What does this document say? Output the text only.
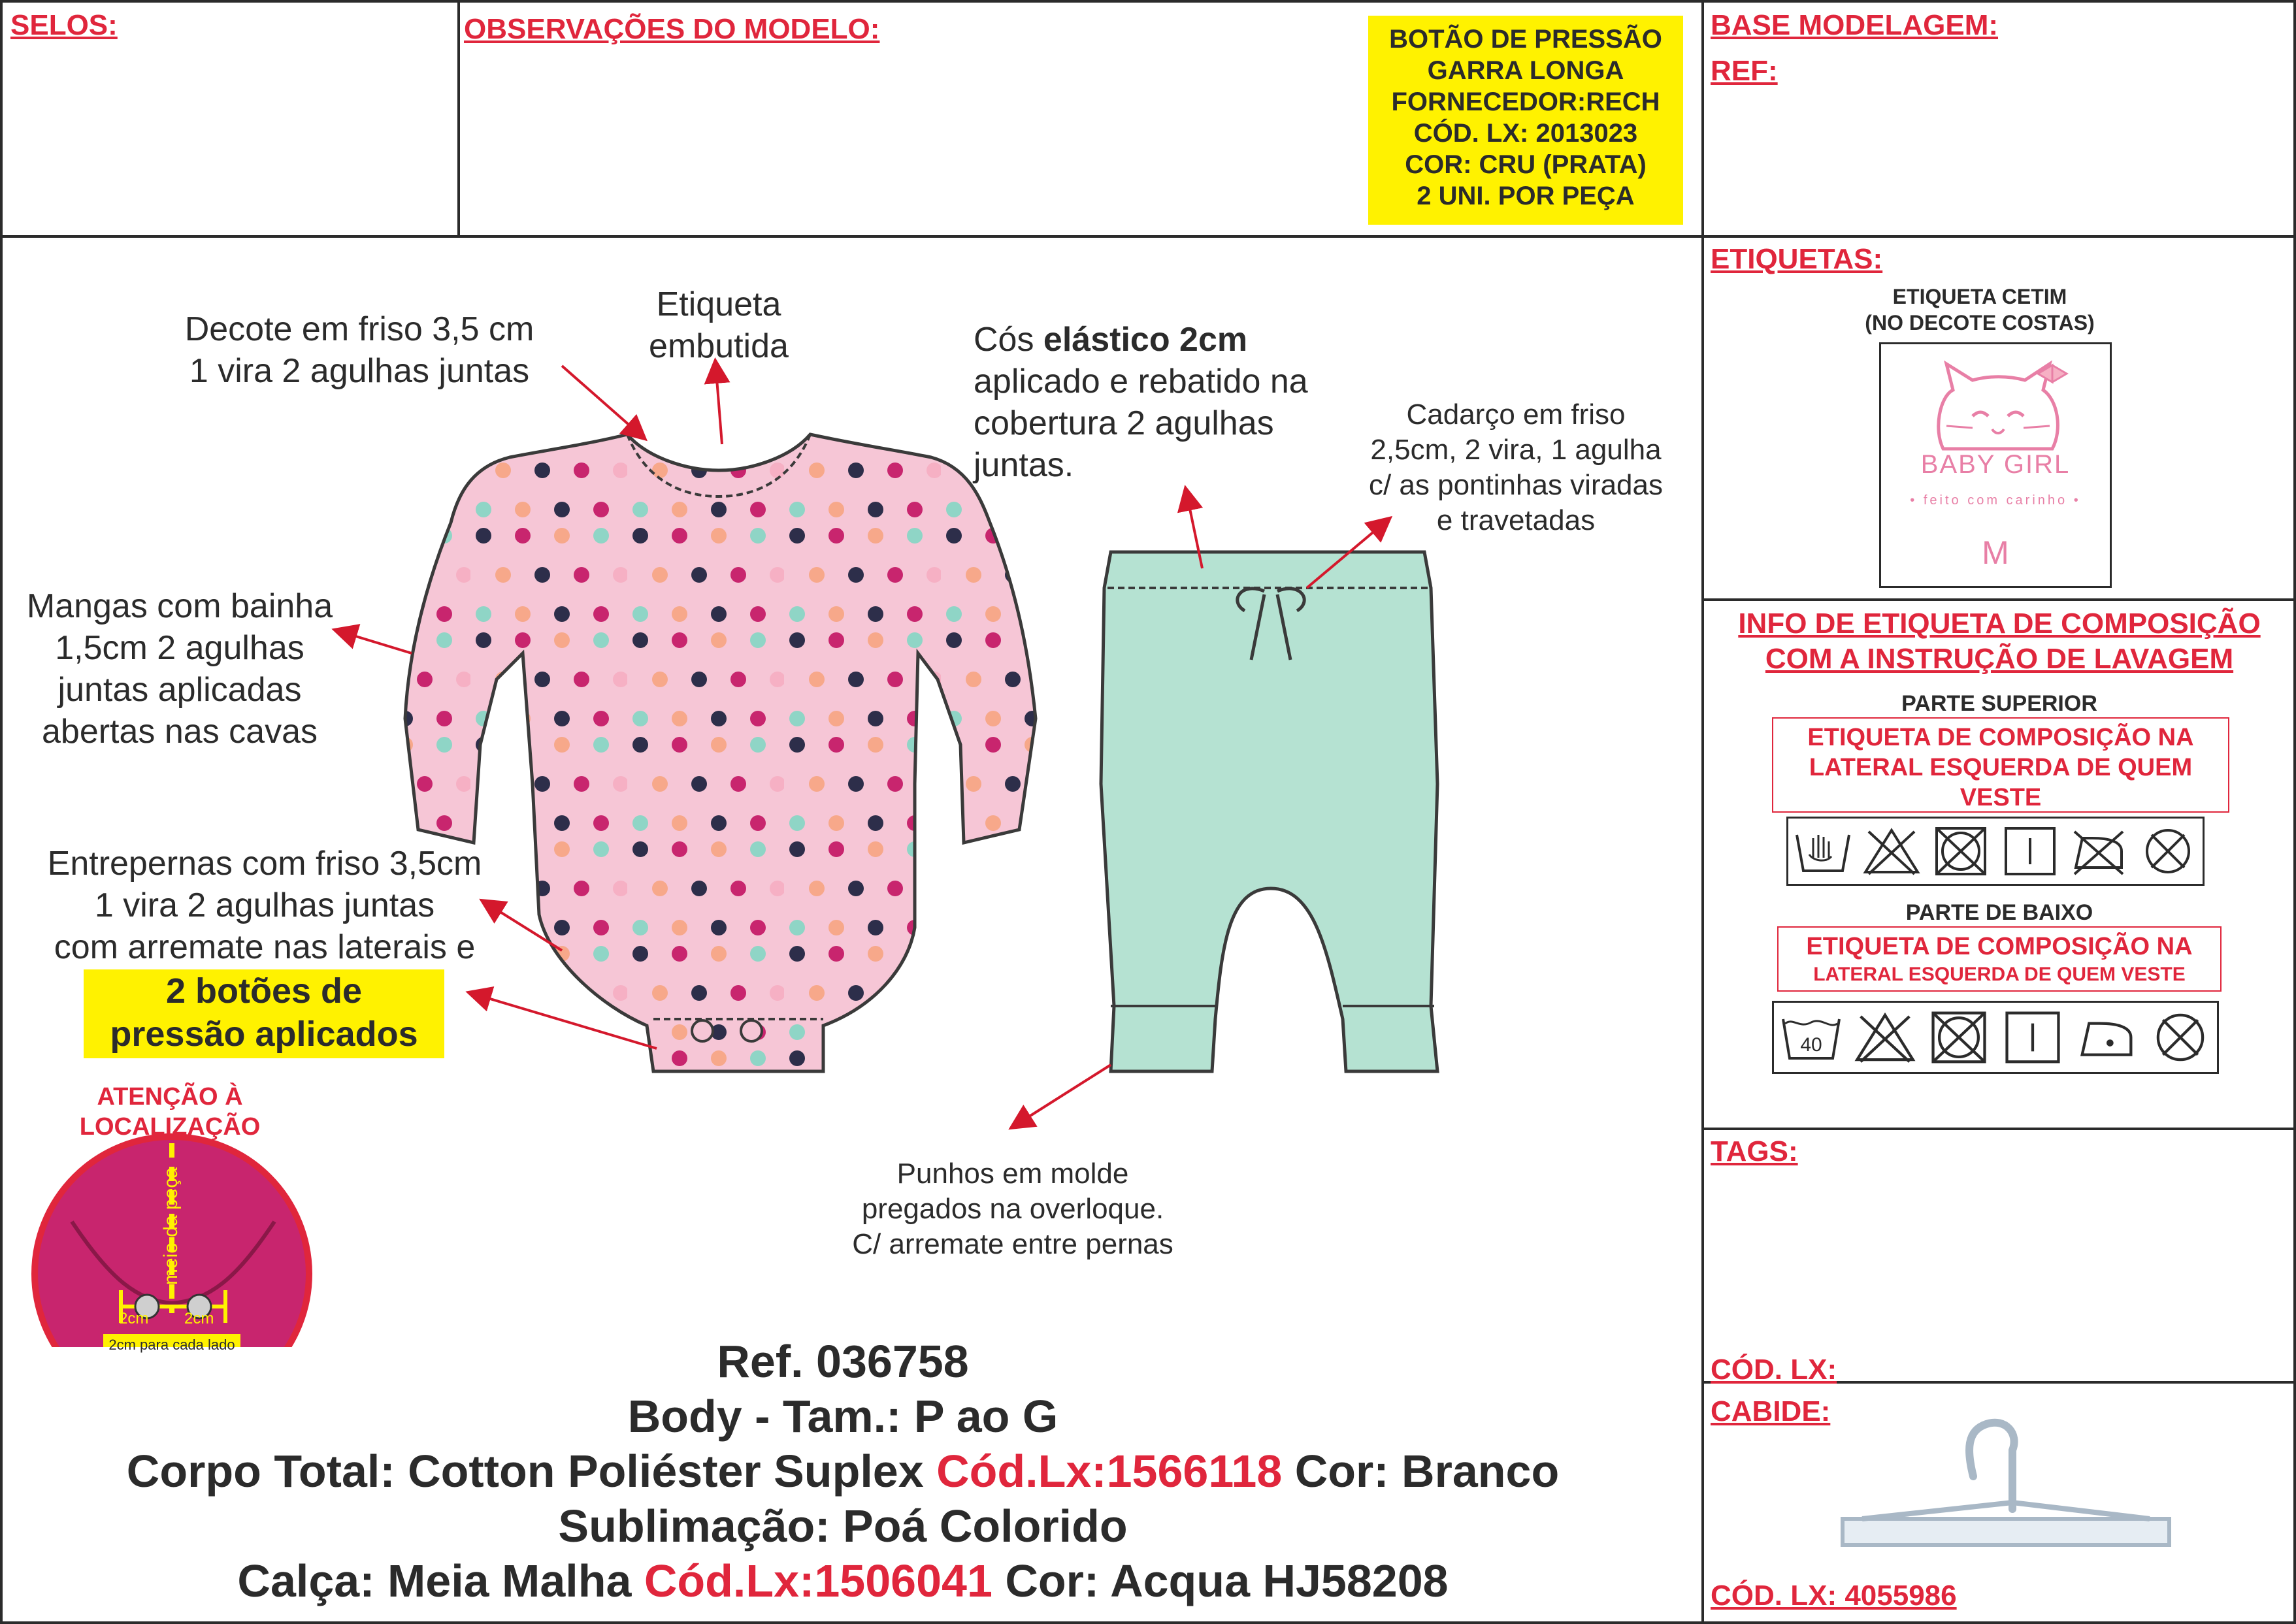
SELOS:	OBSERVAÇÕES DO MODELO:	BASE MODELAGEM:
REF:
ETIQUETAS:
TAGS:
CÓD. LX:
CABIDE:
CÓD. LX: 4055986
BOTÃO DE PRESSÃO
GARRA LONGA
FORNECEDOR:RECH
CÓD. LX: 2013023
COR: CRU (PRATA)
2 UNI. POR PEÇA
Decote em friso 3,5 cm
1 vira 2 agulhas juntas
Etiqueta
embutida	Cós elástico 2cm
aplicado e rebatido na
cobertura 2 agulhas
juntas.
Cadarço em friso
2,5cm, 2 vira, 1 agulha
c/ as pontinhas viradas
e travetadas
Mangas com bainha
1,5cm 2 agulhas
juntas aplicadas
abertas nas cavas
Entrepernas com friso 3,5cm
1 vira 2 agulhas juntas
com arremate nas laterais e
2 botões de
pressão aplicados
Punhos em molde
pregados na overloque.
C/ arremate entre pernas
ATENÇÃO À
LOCALIZAÇÃO
meio da peça
2cm 2cm
2cm para cada lado
ETIQUETA CETIM
(NO DECOTE COSTAS)
BABY GIRL
• feito com carinho •
M
INFO DE ETIQUETA DE COMPOSIÇÃO
COM A INSTRUÇÃO DE LAVAGEM
PARTE SUPERIOR
ETIQUETA DE COMPOSIÇÃO NA
LATERAL ESQUERDA DE QUEM
VESTE
PARTE DE BAIXO
ETIQUETA DE COMPOSIÇÃO NA
LATERAL ESQUERDA DE QUEM VESTE
40
Ref. 036758
Body - Tam.: P ao G
Corpo Total: Cotton Poliéster Suplex Cód.Lx:1566118 Cor: Branco
Sublimação: Poá Colorido
Calça: Meia Malha Cód.Lx:1506041 Cor: Acqua HJ58208
